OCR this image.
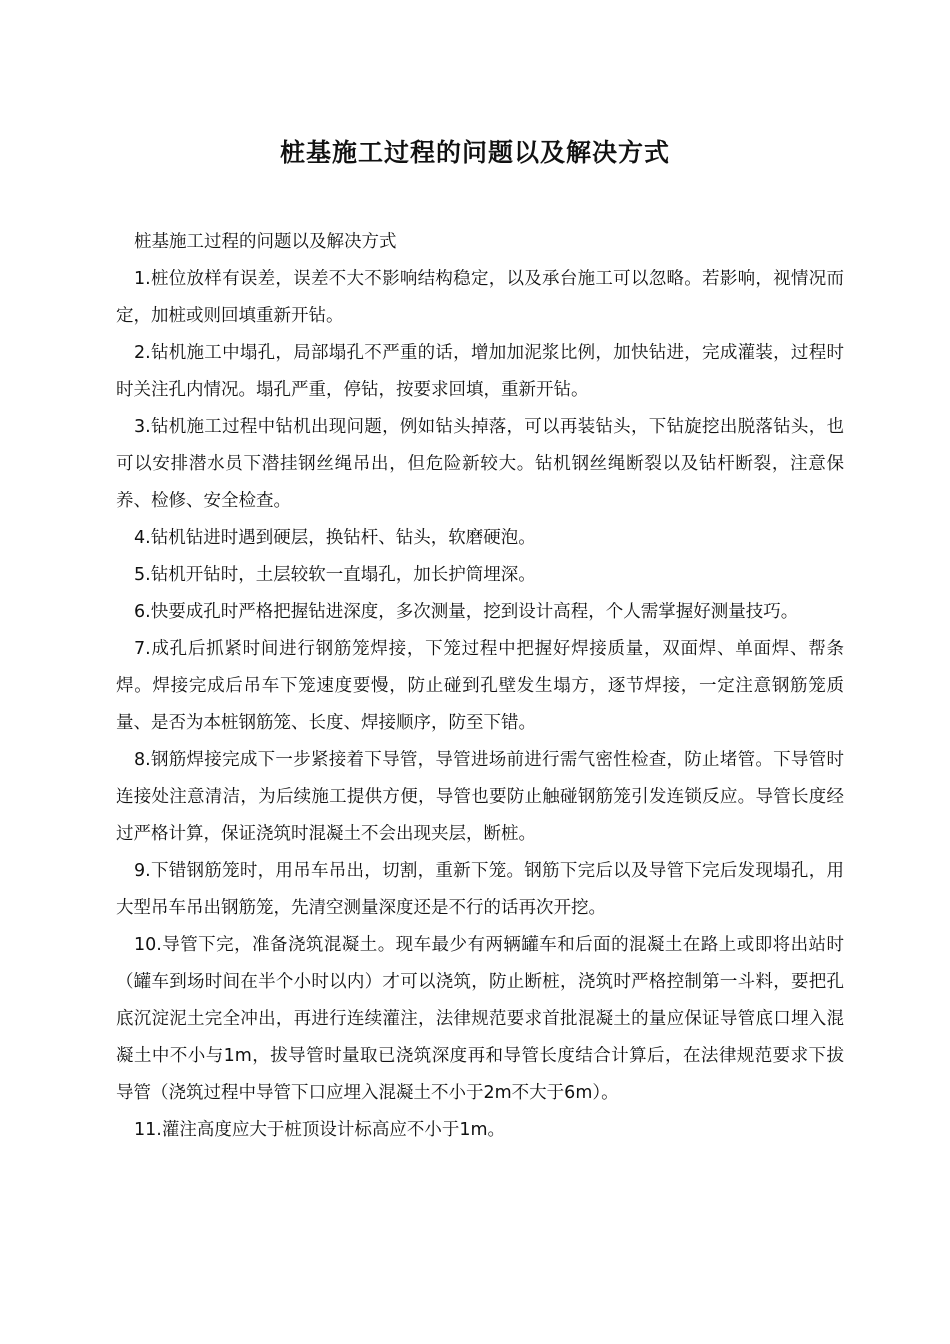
桩基施工过程的问题以及解决方式

桩基施工过程的问题以及解决方式

1.桩位放样有误差，误差不大不影响结构稳定，以及承台施工可以忽略。若影响，视情况而定，加桩或则回填重新开钻。

2.钻机施工中塌孔，局部塌孔不严重的话，增加加泥浆比例，加快钻进，完成灌装，过程时时关注孔内情况。塌孔严重，停钻，按要求回填，重新开钻。

3.钻机施工过程中钻机出现问题，例如钻头掉落，可以再装钻头，下钻旋挖出脱落钻头，也可以安排潜水员下潜挂钢丝绳吊出，但危险新较大。钻机钢丝绳断裂以及钻杆断裂，注意保养、检修、安全检查。

4.钻机钻进时遇到硬层，换钻杆、钻头，软磨硬泡。

5.钻机开钻时，土层较软一直塌孔，加长护筒埋深。

6.快要成孔时严格把握钻进深度，多次测量，挖到设计高程，个人需掌握好测量技巧。

7.成孔后抓紧时间进行钢筋笼焊接，下笼过程中把握好焊接质量，双面焊、单面焊、帮条焊。焊接完成后吊车下笼速度要慢，防止碰到孔壁发生塌方，逐节焊接，一定注意钢筋笼质量、是否为本桩钢筋笼、长度、焊接顺序，防至下错。

8.钢筋焊接完成下一步紧接着下导管，导管进场前进行需气密性检查，防止堵管。下导管时连接处注意清洁，为后续施工提供方便，导管也要防止触碰钢筋笼引发连锁反应。导管长度经过严格计算，保证浇筑时混凝土不会出现夹层，断桩。

9.下错钢筋笼时，用吊车吊出，切割，重新下笼。钢筋下完后以及导管下完后发现塌孔，用大型吊车吊出钢筋笼，先清空测量深度还是不行的话再次开挖。

10.导管下完，准备浇筑混凝土。现车最少有两辆罐车和后面的混凝土在路上或即将出站时（罐车到场时间在半个小时以内）才可以浇筑，防止断桩，浇筑时严格控制第一斗料，要把孔底沉淀泥土完全冲出，再进行连续灌注，法律规范要求首批混凝土的量应保证导管底口埋入混凝土中不小与1m，拔导管时量取已浇筑深度再和导管长度结合计算后，在法律规范要求下拔导管（浇筑过程中导管下口应埋入混凝土不小于2m不大于6m）。

11.灌注高度应大于桩顶设计标高应不小于1m。
